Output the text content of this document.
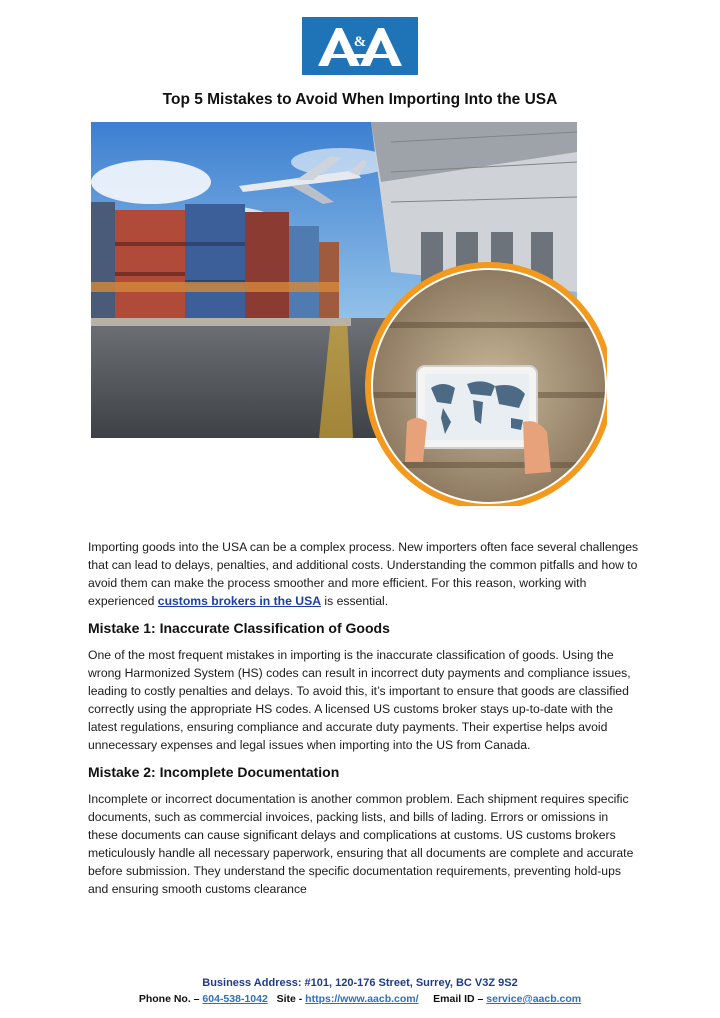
&
Top 5 Mistakes to Avoid When Importing Into the USA

Importing goods into the USA can be a complex process. New importers often face several challenges that can lead to delays, penalties, and additional costs. Understanding the common pitfalls and how to avoid them can make the process smoother and more efficient. For this reason, working with experienced customs brokers in the USA is essential.

Mistake 1: Inaccurate Classification of Goods

One of the most frequent mistakes in importing is the inaccurate classification of goods. Using the wrong Harmonized System (HS) codes can result in incorrect duty payments and compliance issues, leading to costly penalties and delays. To avoid this, it’s important to ensure that goods are classified correctly using the appropriate HS codes. A licensed US customs broker stays up-to-date with the latest regulations, ensuring compliance and accurate duty payments. Their expertise helps avoid unnecessary expenses and legal issues when importing into the US from Canada.

Mistake 2: Incomplete Documentation

Incomplete or incorrect documentation is another common problem. Each shipment requires specific documents, such as commercial invoices, packing lists, and bills of lading. Errors or omissions in these documents can cause significant delays and complications at customs. US customs brokers meticulously handle all necessary paperwork, ensuring that all documents are complete and accurate before submission. They understand the specific documentation requirements, preventing hold-ups and ensuring smooth customs clearance

Business Address: #101, 120-176 Street, Surrey, BC V3Z 9S2
Phone No. – 604-538-1042 Site - https://www.aacb.com/ Email ID – service@aacb.com
